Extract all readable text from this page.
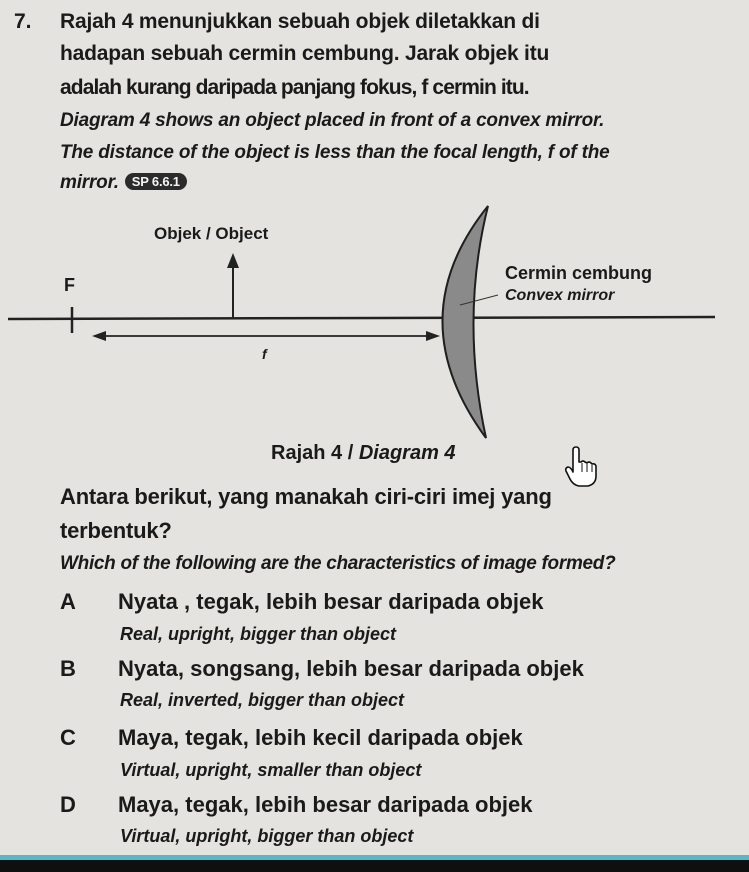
7. Rajah 4 menunjukkan sebuah objek diletakkan di
hadapan sebuah cermin cembung. Jarak objek itu
adalah kurang daripada panjang fokus, f cermin itu.
Diagram 4 shows an object placed in front of a convex mirror.
The distance of the object is less than the focal length, f of the
mirror. SP 6.6.1
Objek / Object
F
f
Cermin cembung
Convex mirror
Rajah 4 / Diagram 4
Antara berikut, yang manakah ciri-ciri imej yang
terbentuk?
Which of the following are the characteristics of image formed?
A Nyata , tegak, lebih besar daripada objek
Real, upright, bigger than object
B Nyata, songsang, lebih besar daripada objek
Real, inverted, bigger than object
C Maya, tegak, lebih kecil daripada objek
Virtual, upright, smaller than object
D Maya, tegak, lebih besar daripada objek
Virtual, upright, bigger than object
